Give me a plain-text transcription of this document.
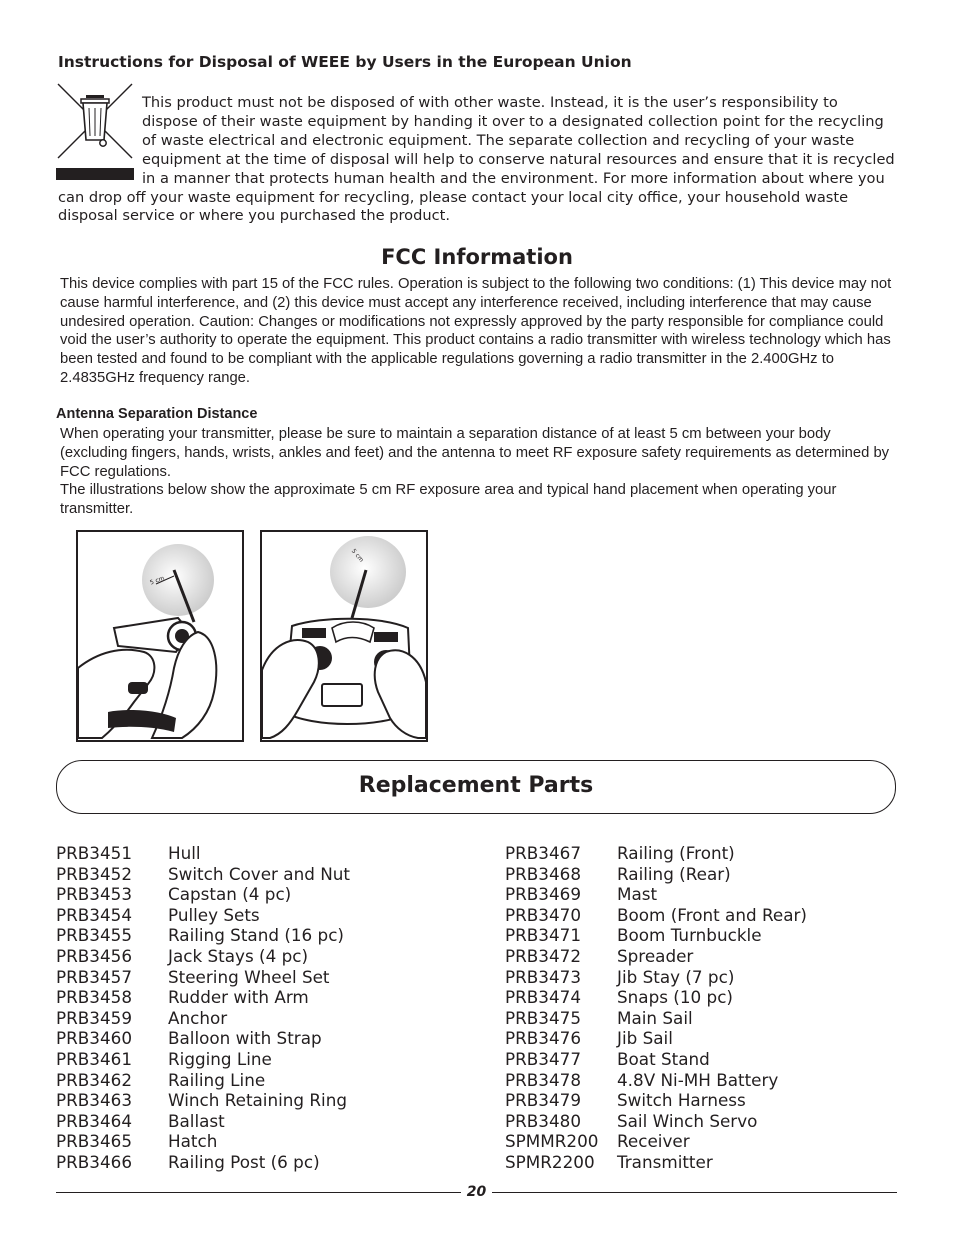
Instructions for Disposal of WEEE by Users in the European Union

This product must not be disposed of with other waste. Instead, it is the user’s responsibility to dispose of their waste equipment by handing it over to a designated collection point for the recycling of waste electrical and electronic equipment. The separate collection and recycling of your waste equipment at the time of disposal will help to conserve natural resources and ensure that it is recycled in a manner that protects human health and the environment. For more information about where you can drop off your waste equipment for recycling, please contact your local city office, your household waste disposal service or where you purchased the product.

FCC Information

This device complies with part 15 of the FCC rules. Operation is subject to the following two conditions: (1) This device may not cause harmful interference, and (2) this device must accept any interference received, including interference that may cause undesired operation. Caution: Changes or modifications not expressly approved by the party responsible for compliance could void the user’s authority to operate the equipment. This product contains a radio transmitter with wireless technology which has been tested and found to be compliant with the applicable regulations governing a radio transmitter in the 2.400GHz to 2.4835GHz frequency range.

Antenna Separation Distance
When operating your transmitter, please be sure to maintain a separation distance of at least 5 cm between your body (excluding fingers, hands, wrists, ankles and feet) and the antenna to meet RF exposure safety requirements as determined by FCC regulations.
The illustrations below show the approximate 5 cm RF exposure area and typical hand placement when operating your transmitter.
5 cm
5 cm
Replacement Parts
PRB3451 Hull
PRB3452 Switch Cover and Nut
PRB3453 Capstan (4 pc)
PRB3454 Pulley Sets
PRB3455 Railing Stand (16 pc)
PRB3456 Jack Stays (4 pc)
PRB3457 Steering Wheel Set
PRB3458 Rudder with Arm
PRB3459 Anchor
PRB3460 Balloon with Strap
PRB3461 Rigging Line
PRB3462 Railing Line
PRB3463 Winch Retaining Ring
PRB3464 Ballast
PRB3465 Hatch
PRB3466 Railing Post (6 pc)
PRB3467 Railing (Front)
PRB3468 Railing (Rear)
PRB3469 Mast
PRB3470 Boom (Front and Rear)
PRB3471 Boom Turnbuckle
PRB3472 Spreader
PRB3473 Jib Stay (7 pc)
PRB3474 Snaps (10 pc)
PRB3475 Main Sail
PRB3476 Jib Sail
PRB3477 Boat Stand
PRB3478 4.8V Ni-MH Battery
PRB3479 Switch Harness
PRB3480 Sail Winch Servo
SPMMR200 Receiver
SPMR2200 Transmitter
20
